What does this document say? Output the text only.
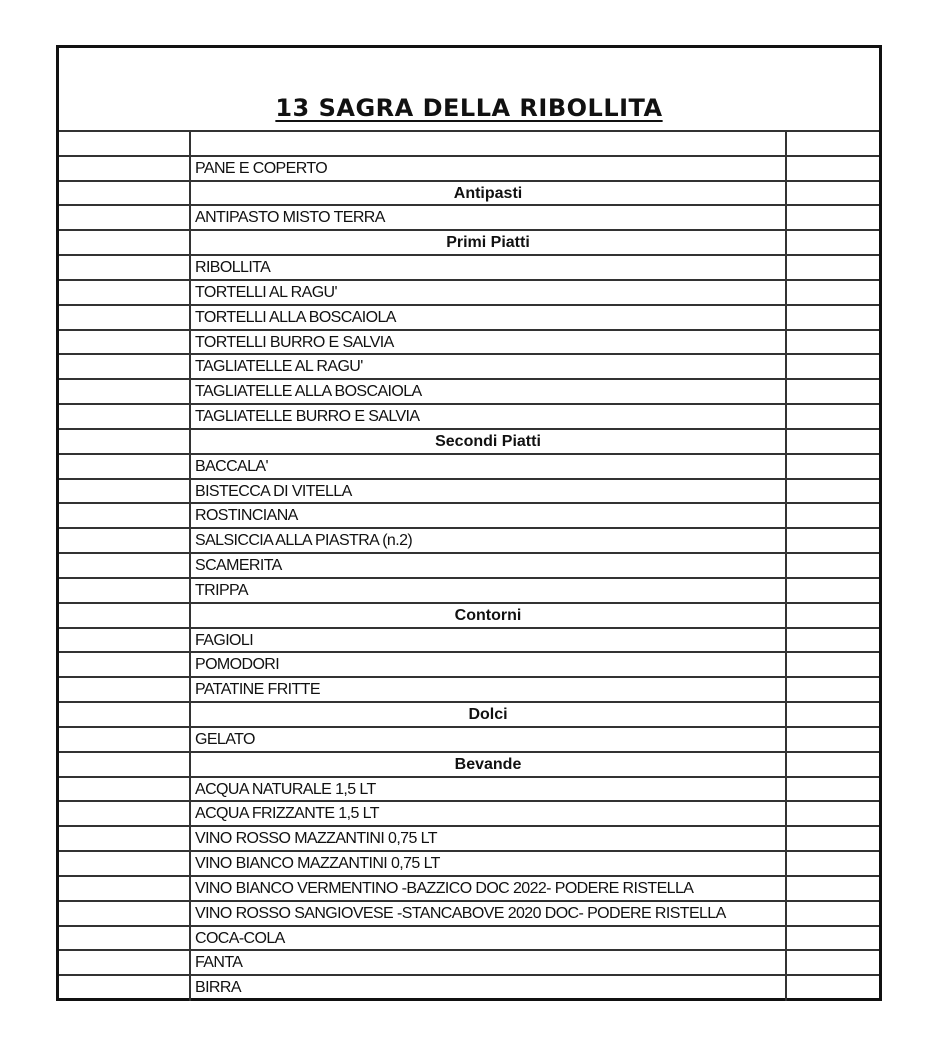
13 SAGRA DELLA RIBOLLITA
PANE E COPERTO
Antipasti
ANTIPASTO MISTO TERRA
Primi Piatti
RIBOLLITA
TORTELLI AL RAGU'
TORTELLI ALLA BOSCAIOLA
TORTELLI BURRO E SALVIA
TAGLIATELLE AL RAGU'
TAGLIATELLE ALLA BOSCAIOLA
TAGLIATELLE BURRO E SALVIA
Secondi Piatti
BACCALA'
BISTECCA DI VITELLA
ROSTINCIANA
SALSICCIA ALLA PIASTRA (n.2)
SCAMERITA
TRIPPA
Contorni
FAGIOLI
POMODORI
PATATINE FRITTE
Dolci
GELATO
Bevande
ACQUA NATURALE 1,5 LT
ACQUA FRIZZANTE 1,5 LT
VINO ROSSO MAZZANTINI 0,75 LT
VINO BIANCO MAZZANTINI 0,75 LT
VINO BIANCO VERMENTINO -BAZZICO DOC 2022- PODERE RISTELLA
VINO ROSSO SANGIOVESE -STANCABOVE 2020 DOC- PODERE RISTELLA
COCA-COLA
FANTA
BIRRA
